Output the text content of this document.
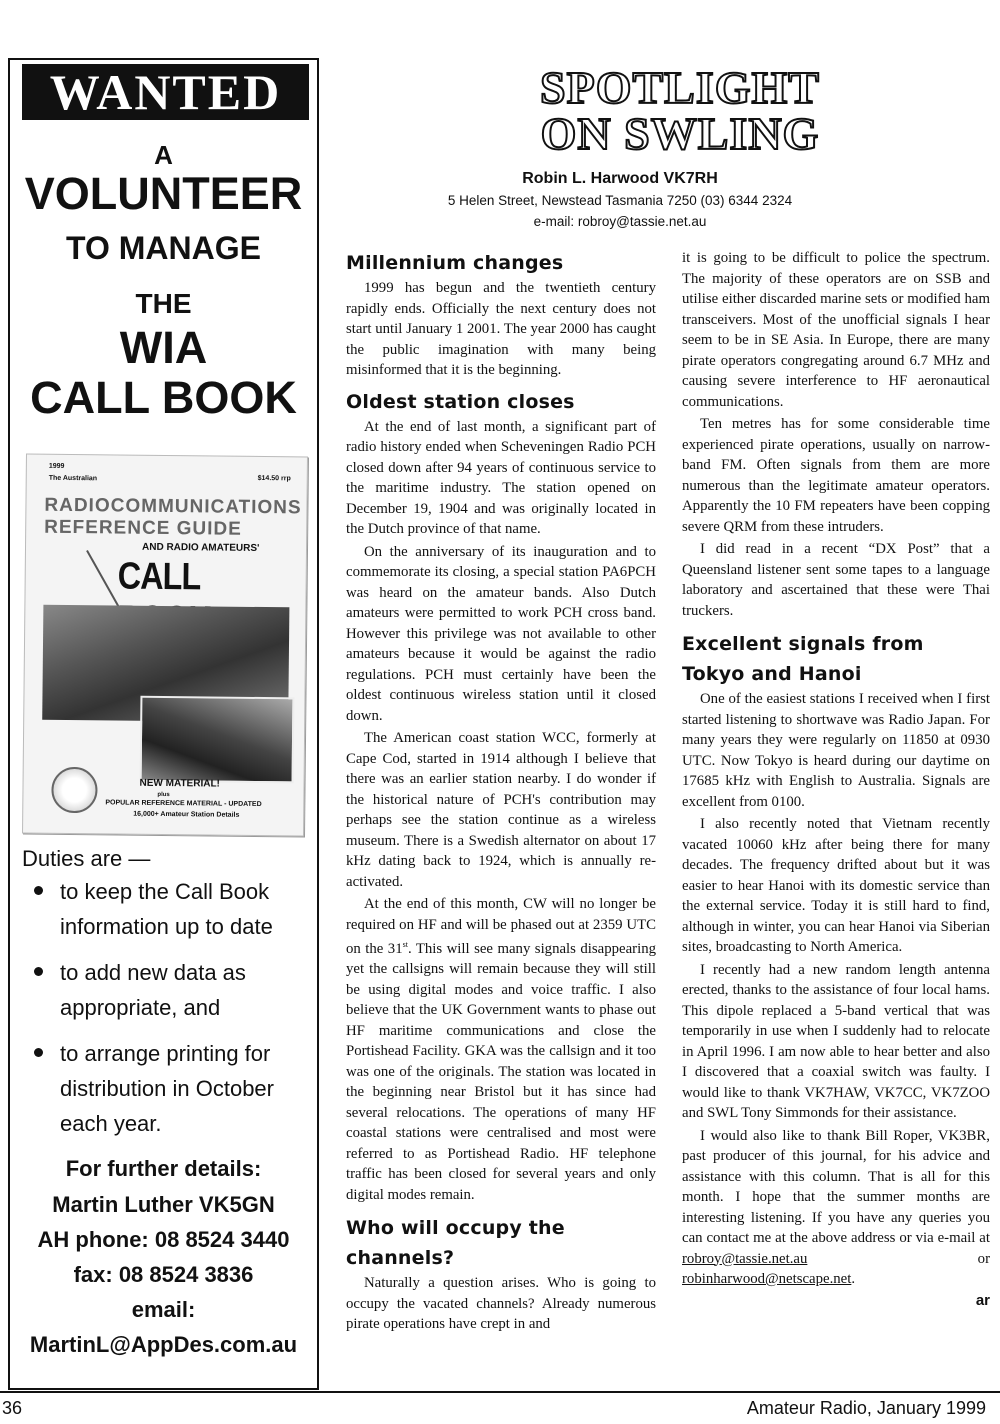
WANTED
A
VOLUNTEER
TO MANAGE
THE
WIA
CALL BOOK
1999
The Australian	$14.50 rrp
RADIOCOMMUNICATIONS
REFERENCE GUIDE
AND RADIO AMATEURS'
CALL
NEW MATERIAL!
plus
POPULAR REFERENCE MATERIAL - UPDATED
16,000+ Amateur Station Details
Duties are —
to keep the Call Book information up to date
to add new data as appropriate, and
to arrange printing for distribution in October each year.
For further details:
Martin Luther VK5GN
AH phone: 08 8524 3440
fax: 08 8524 3836
email:
MartinL@AppDes.com.au
SPOTLIGHT
ON SWLING
Robin L. Harwood VK7RH
5 Helen Street, Newstead Tasmania 7250 (03) 6344 2324
e-mail: robroy@tassie.net.au
Millennium changes

1999 has begun and the twentieth century rapidly ends. Officially the next century does not start until January 1 2001. The year 2000 has caught the public imagination with many being misinformed that it is the beginning.

Oldest station closes

At the end of last month, a significant part of radio history ended when Scheveningen Radio PCH closed down after 94 years of continuous service to the maritime industry. The station opened on December 19, 1904 and was originally located in the Dutch province of that name.

On the anniversary of its inauguration and to commemorate its closing, a special station PA6PCH was heard on the amateur bands. Also Dutch amateurs were permitted to work PCH cross band. However this privilege was not available to other amateurs because it would be against the radio regulations. PCH must certainly have been the oldest continuous wireless station until it closed down.

The American coast station WCC, formerly at Cape Cod, started in 1914 although I believe that there was an earlier station nearby. I do wonder if the historical nature of PCH's contribution may perhaps see the station continue as a wireless museum. There is a Swedish alternator on about 17 kHz dating back to 1924, which is annually re-activated.

At the end of this month, CW will no longer be required on HF and will be phased out at 2359 UTC on the 31st. This will see many signals disappearing yet the callsigns will remain because they will still be using digital modes and voice traffic. I also believe that the UK Government wants to phase out HF maritime communications and close the Portishead Facility. GKA was the callsign and it too was one of the originals. The station was located in the beginning near Bristol but it has since had several relocations. The operations of many HF coastal stations were centralised and most were referred to as Portishead Radio. HF telephone traffic has been closed for several years and only digital modes remain.

Who will occupy the channels?

Naturally a question arises. Who is going to occupy the vacated channels? Already numerous pirate operations have crept in and

it is going to be difficult to police the spectrum. The majority of these operators are on SSB and utilise either discarded marine sets or modified ham transceivers. Most of the unofficial signals I hear seem to be in SE Asia. In Europe, there are many pirate operators congregating around 6.7 MHz and causing severe interference to HF aeronautical communications.

Ten metres has for some considerable time experienced pirate operations, usually on narrow-band FM. Often signals from them are more numerous than the legitimate amateur operators. Apparently the 10 FM repeaters have been copping severe QRM from these intruders.

I did read in a recent “DX Post” that a Queensland listener sent some tapes to a language laboratory and ascertained that these were Thai truckers.

Excellent signals from Tokyo and Hanoi

One of the easiest stations I received when I first started listening to shortwave was Radio Japan. For many years they were regularly on 11850 at 0930 UTC. Now Tokyo is heard during our daytime on 17685 kHz with English to Australia. Signals are excellent from 0100.

I also recently noted that Vietnam recently vacated 10060 kHz after being there for many decades. The frequency drifted about but it was easier to hear Hanoi with its domestic service than the external service. Today it is still hard to find, although in winter, you can hear Hanoi via Siberian sites, broadcasting to North America.

I recently had a new random length antenna erected, thanks to the assistance of four local hams. This dipole replaced a 5-band vertical that was temporarily in use when I suddenly had to relocate in April 1996. I am now able to hear better and also I discovered that a coaxial switch was faulty. I would like to thank VK7HAW, VK7CC, VK7ZOO and SWL Tony Simmonds for their assistance.

I would also like to thank Bill Roper, VK3BR, past producer of this journal, for his advice and assistance with this column. That is all for this month. I hope that the summer months are interesting listening. If you have any queries you can contact me at the above address or via e-mail at robroy@tassie.net.au or robinharwood@netscape.net.

ar
36	Amateur Radio, January 1999
